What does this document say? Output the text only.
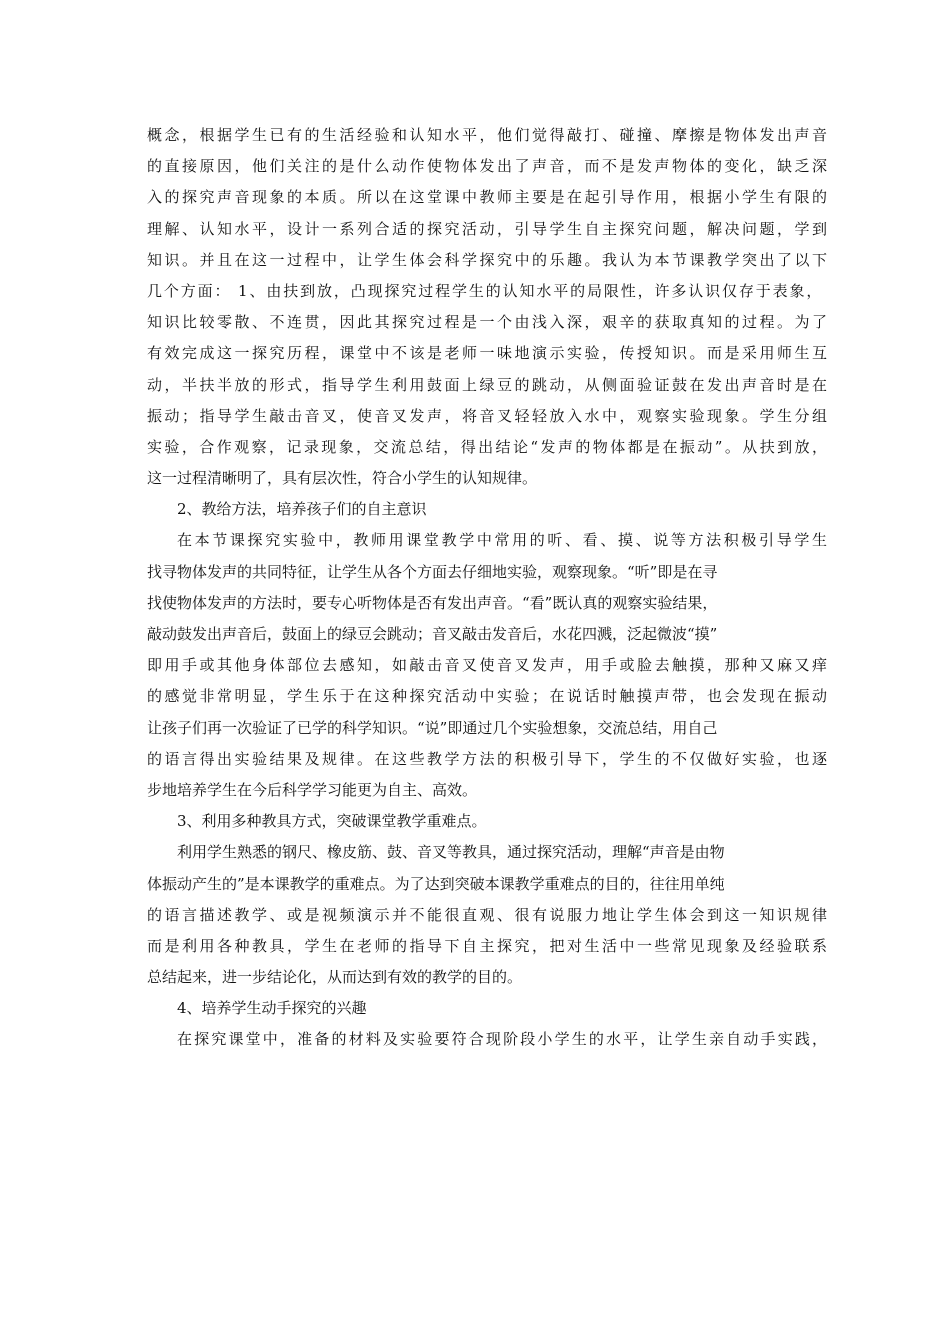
概念，根据学生已有的生活经验和认知水平，他们觉得敲打、碰撞、摩擦是物体发出声音

的直接原因，他们关注的是什么动作使物体发出了声音，而不是发声物体的变化，缺乏深

入的探究声音现象的本质。所以在这堂课中教师主要是在起引导作用，根据小学生有限的

理解、认知水平，设计一系列合适的探究活动，引导学生自主探究问题，解决问题，学到

知识。并且在这一过程中，让学生体会科学探究中的乐趣。我认为本节课教学突出了以下

几个方面： 1、由扶到放，凸现探究过程学生的认知水平的局限性，许多认识仅存于表象，

知识比较零散、不连贯，因此其探究过程是一个由浅入深，艰辛的获取真知的过程。为了

有效完成这一探究历程，课堂中不该是老师一味地演示实验，传授知识。而是采用师生互

动，半扶半放的形式，指导学生利用鼓面上绿豆的跳动，从侧面验证鼓在发出声音时是在

振动；指导学生敲击音叉，使音叉发声，将音叉轻轻放入水中，观察实验现象。学生分组

实验，合作观察，记录现象，交流总结，得出结论“发声的物体都是在振动”。从扶到放，

这一过程清晰明了，具有层次性，符合小学生的认知规律。

2、教给方法，培养孩子们的自主意识

在本节课探究实验中，教师用课堂教学中常用的听、看、摸、说等方法积极引导学生

找寻物体发声的共同特征，让学生从各个方面去仔细地实验，观察现象。“听”即是在寻

找使物体发声的方法时，要专心听物体是否有发出声音。“看”既认真的观察实验结果，

敲动鼓发出声音后，鼓面上的绿豆会跳动；音叉敲击发音后，水花四溅，泛起微波“摸”

即用手或其他身体部位去感知，如敲击音叉使音叉发声，用手或脸去触摸，那种又麻又痒

的感觉非常明显，学生乐于在这种探究活动中实验；在说话时触摸声带，也会发现在振动

让孩子们再一次验证了已学的科学知识。“说”即通过几个实验想象，交流总结，用自己

的语言得出实验结果及规律。在这些教学方法的积极引导下，学生的不仅做好实验，也逐

步地培养学生在今后科学学习能更为自主、高效。

3、利用多种教具方式，突破课堂教学重难点。

利用学生熟悉的钢尺、橡皮筋、鼓、音叉等教具，通过探究活动，理解“声音是由物

体振动产生的”是本课教学的重难点。为了达到突破本课教学重难点的目的，往往用单纯

的语言描述教学、或是视频演示并不能很直观、很有说服力地让学生体会到这一知识规律

而是利用各种教具，学生在老师的指导下自主探究，把对生活中一些常见现象及经验联系

总结起来，进一步结论化，从而达到有效的教学的目的。

4、培养学生动手探究的兴趣

在探究课堂中，准备的材料及实验要符合现阶段小学生的水平，让学生亲自动手实践，
